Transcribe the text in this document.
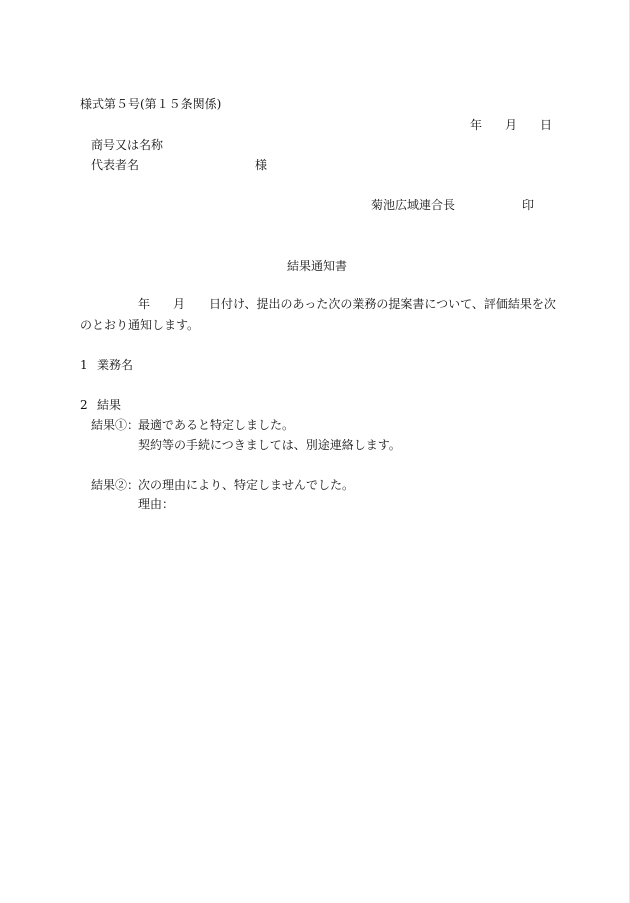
様式第５号(第１５条関係)
年 月 日
商号又は名称
代表者名	様
菊池広域連合長	印
結果通知書
年 月 日付け、提出のあった次の業務の提案書について、評価結果を次
のとおり通知します。
1 業務名
2 結果
結果①：
最適であると特定しました。
契約等の手続につきましては、別途連絡します。
結果②：
次の理由により、特定しませんでした。
理由：
